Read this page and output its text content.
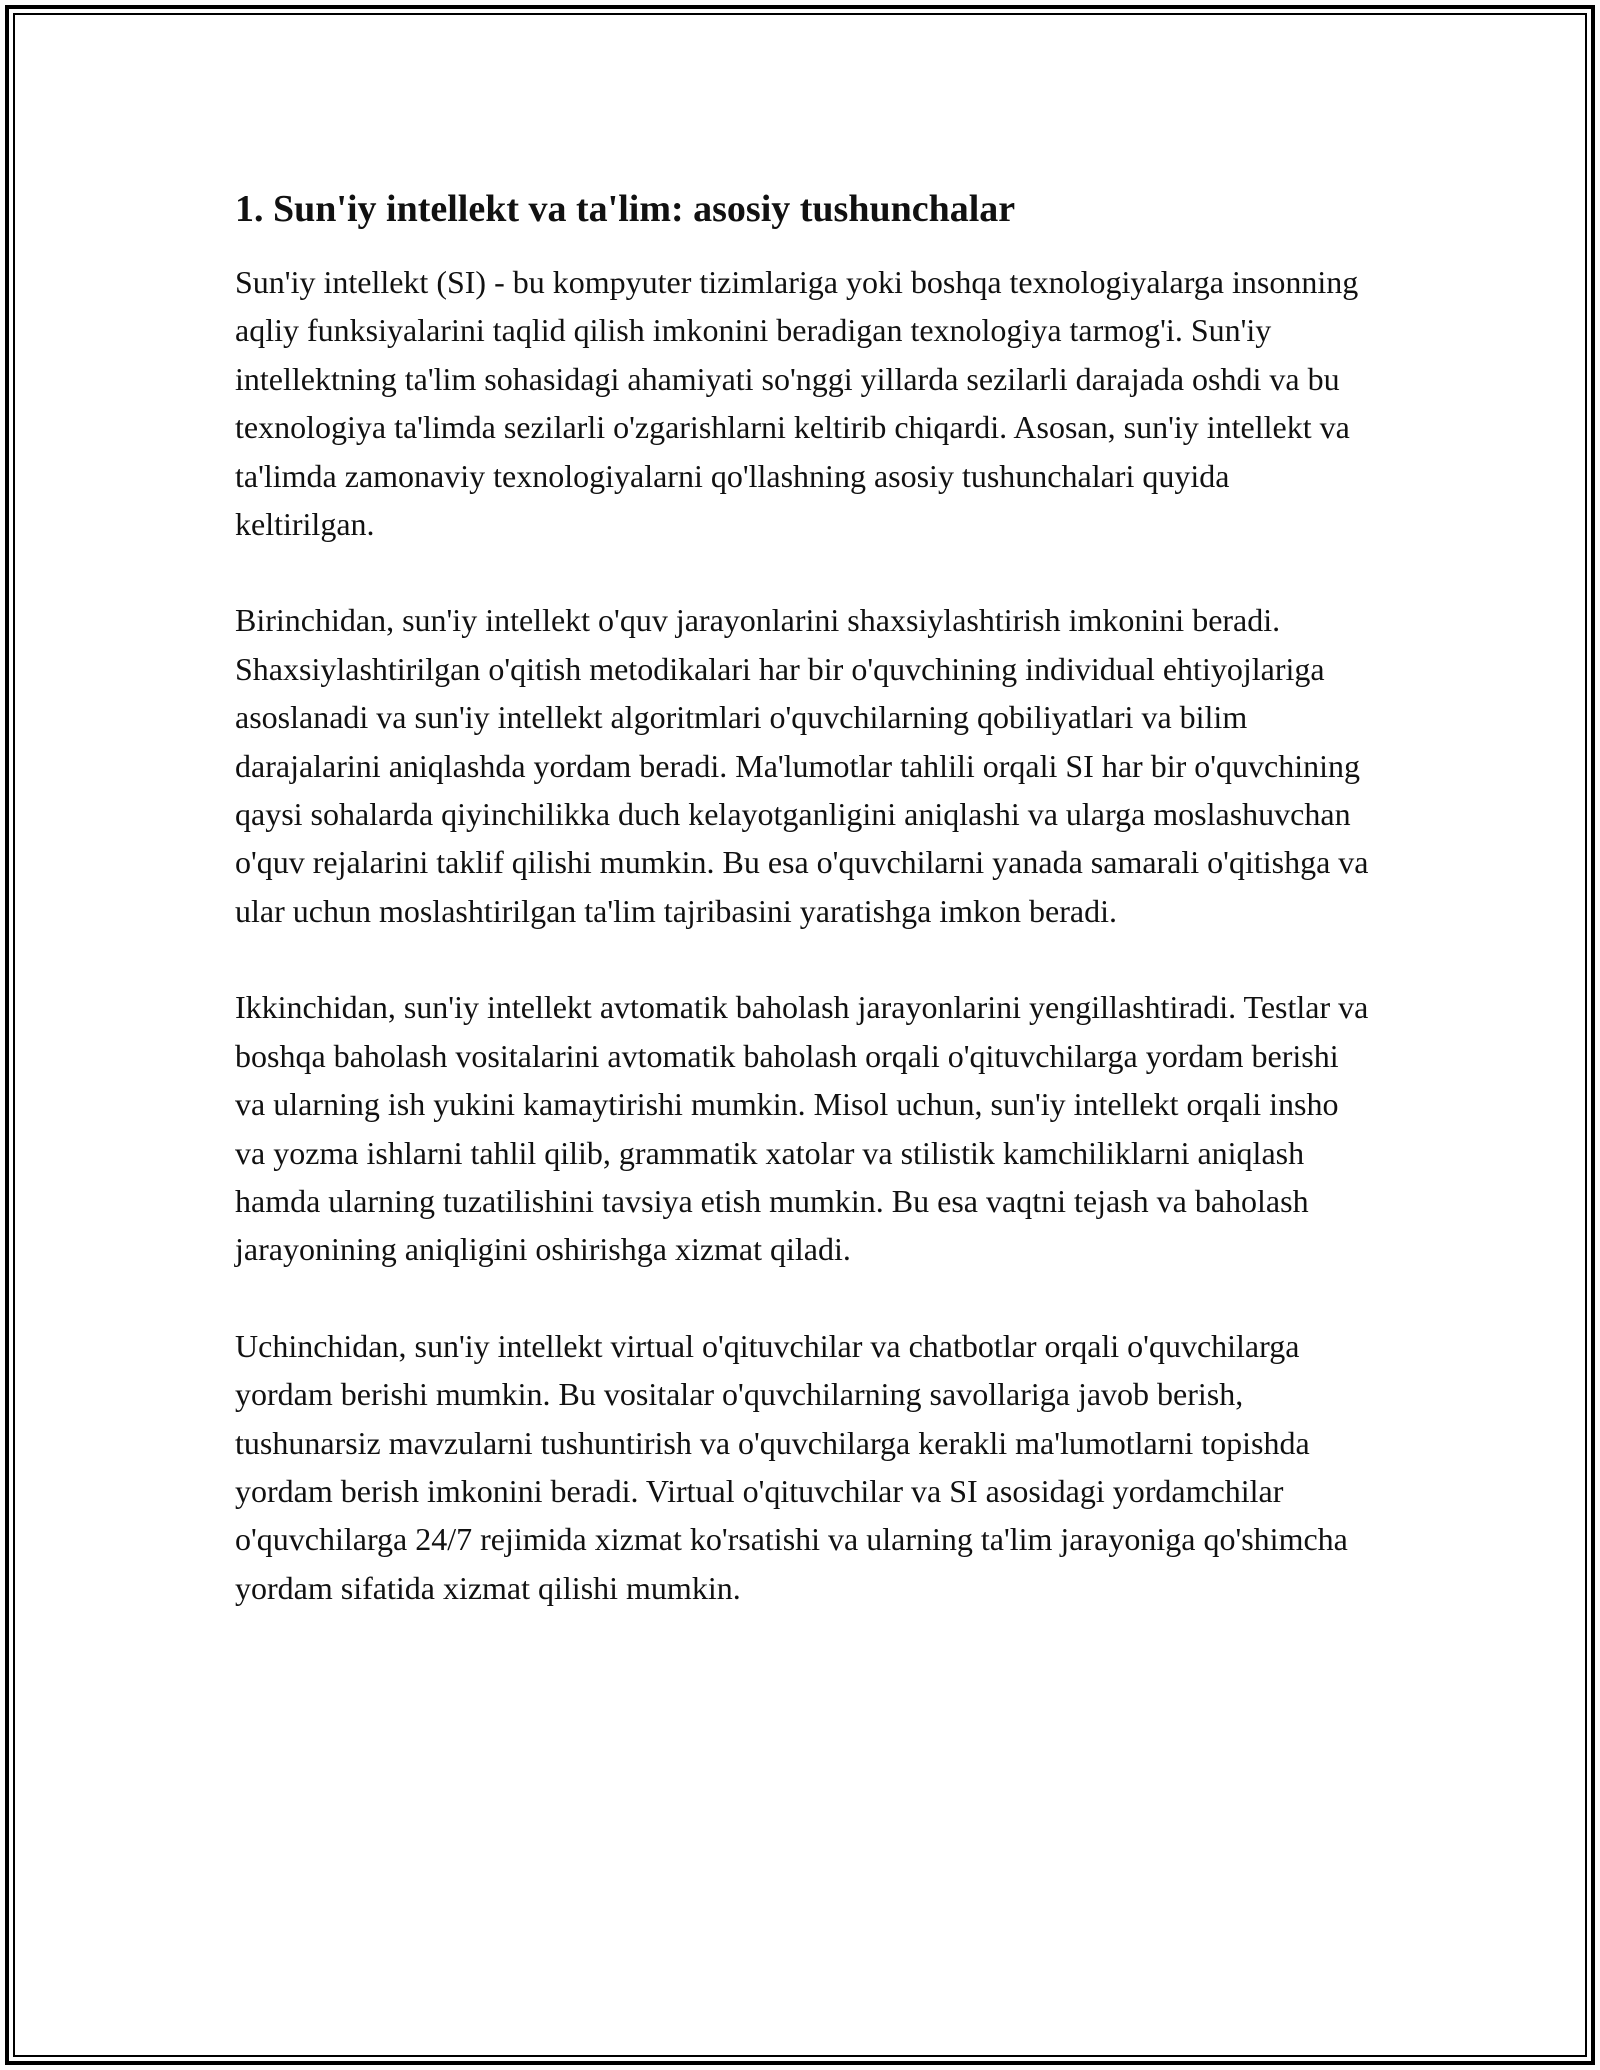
1. Sun'iy intellekt va ta'lim: asosiy tushunchalar

Sun'iy intellekt (SI) - bu kompyuter tizimlariga yoki boshqa texnologiyalarga insonning aqliy funksiyalarini taqlid qilish imkonini beradigan texnologiya tarmog'i. Sun'iy intellektning ta'lim sohasidagi ahamiyati so'nggi yillarda sezilarli darajada oshdi va bu texnologiya ta'limda sezilarli o'zgarishlarni keltirib chiqardi. Asosan, sun'iy intellekt va ta'limda zamonaviy texnologiyalarni qo'llashning asosiy tushunchalari quyida keltirilgan.

Birinchidan, sun'iy intellekt o'quv jarayonlarini shaxsiylashtirish imkonini beradi. Shaxsiylashtirilgan o'qitish metodikalari har bir o'quvchining individual ehtiyojlariga asoslanadi va sun'iy intellekt algoritmlari o'quvchilarning qobiliyatlari va bilim darajalarini aniqlashda yordam beradi. Ma'lumotlar tahlili orqali SI har bir o'quvchining qaysi sohalarda qiyinchilikka duch kelayotganligini aniqlashi va ularga moslashuvchan o'quv rejalarini taklif qilishi mumkin. Bu esa o'quvchilarni yanada samarali o'qitishga va ular uchun moslashtirilgan ta'lim tajribasini yaratishga imkon beradi.

Ikkinchidan, sun'iy intellekt avtomatik baholash jarayonlarini yengillashtiradi. Testlar va boshqa baholash vositalarini avtomatik baholash orqali o'qituvchilarga yordam berishi va ularning ish yukini kamaytirishi mumkin. Misol uchun, sun'iy intellekt orqali insho va yozma ishlarni tahlil qilib, grammatik xatolar va stilistik kamchiliklarni aniqlash hamda ularning tuzatilishini tavsiya etish mumkin. Bu esa vaqtni tejash va baholash jarayonining aniqligini oshirishga xizmat qiladi.

Uchinchidan, sun'iy intellekt virtual o'qituvchilar va chatbotlar orqali o'quvchilarga yordam berishi mumkin. Bu vositalar o'quvchilarning savollariga javob berish, tushunarsiz mavzularni tushuntirish va o'quvchilarga kerakli ma'lumotlarni topishda yordam berish imkonini beradi. Virtual o'qituvchilar va SI asosidagi yordamchilar o'quvchilarga 24/7 rejimida xizmat ko'rsatishi va ularning ta'lim jarayoniga qo'shimcha yordam sifatida xizmat qilishi mumkin.
